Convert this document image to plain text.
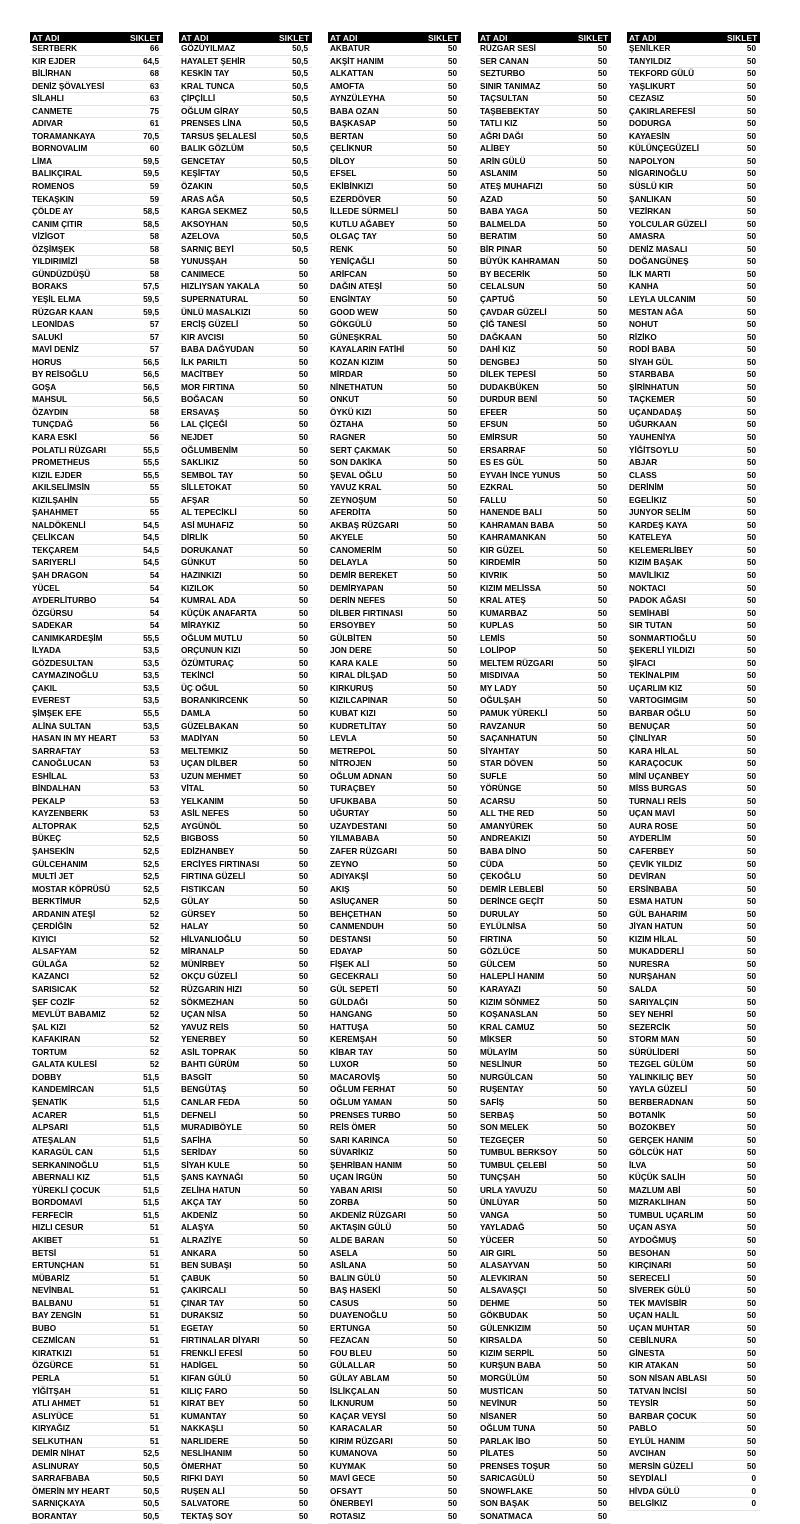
AT ADI	SIKLET
SERTBERK	66
KIR EJDER	64,5
BİLİRHAN	68
DENİZ ŞÖVALYESİ	63
SİLAHLI	63
CANMETE	75
ADIVAR	61
TORAMANKAYA	70,5
BORNOVALIM	60
LİMA	59,5
BALIKÇIRAL	59,5
ROMENOS	59
TEKAŞKIN	59
ÇÖLDE AY	58,5
CANIM ÇITIR	58,5
VİZİGOT	58
ÖZŞİMŞEK	58
YILDIRIMİZİ	58
GÜNDÜZDÜŞÜ	58
BORAKS	57,5
YEŞİL ELMA	59,5
RÜZGAR KAAN	59,5
LEONİDAS	57
SALUKİ	57
MAVİ DENİZ	57
HORUS	56,5
BY REİSOĞLU	56,5
GOŞA	56,5
MAHSUL	56,5
ÖZAYDIN	58
TUNÇDAĞ	56
KARA ESKİ	56
POLATLI RÜZGARI	55,5
PROMETHEUS	55,5
KIZIL EJDER	55,5
AKILSELİMSİN	55
KIZILŞAHİN	55
ŞAHAHMET	55
NALDÖKENLİ	54,5
ÇELİKCAN	54,5
TEKÇAREM	54,5
SARIYERLİ	54,5
ŞAH DRAGON	54
YÜCEL	54
AYDERLİTURBO	54
ÖZGÜRSU	54
SADEKAR	54
CANIMKARDEŞİM	55,5
İLYADA	53,5
GÖZDESULTAN	53,5
CAYMAZINOĞLU	53,5
ÇAKIL	53,5
EVEREST	53,5
ŞİMŞEK EFE	55,5
ALİNA SULTAN	53,5
HASAN IN MY HEART	53
SARRAFTAY	53
CANOĞLUCAN	53
ESHİLAL	53
BİNDALHAN	53
PEKALP	53
KAYZENBERK	53
ALTOPRAK	52,5
BÜKEÇ	52,5
ŞAHSEKİN	52,5
GÜLCEHANIM	52,5
MULTİ JET	52,5
MOSTAR KÖPRÜSÜ	52,5
BERKTİMUR	52,5
ARDANIN ATEŞİ	52
ÇERDİĞİN	52
KIYICI	52
ALSAFYAM	52
GÜLAĞA	52
KAZANCI	52
SARISICAK	52
ŞEF COZİF	52
MEVLÜT BABAMIZ	52
ŞAL KIZI	52
KAFAKIRAN	52
TORTUM	52
GALATA KULESİ	52
DOBBY	51,5
KANDEMİRCAN	51,5
ŞENATİK	51,5
ACARER	51,5
ALPSARI	51,5
ATEŞALAN	51,5
KARAGÜL CAN	51,5
SERKANINOĞLU	51,5
ABERNALI KIZ	51,5
YÜREKLİ ÇOCUK	51,5
BORDOMAVİ	51,5
FERFECİR	51,5
HIZLI CESUR	51
AKIBET	51
BETSİ	51
ERTUNÇHAN	51
MÜBARİZ	51
NEVİNBAL	51
BALBANU	51
BAY ZENGİN	51
BUBO	51
CEZMİCAN	51
KIRATKIZI	51
ÖZGÜRCE	51
PERLA	51
YİĞİTŞAH	51
ATLI AHMET	51
ASLIYÜCE	51
KIRYAĞIZ	51
SELKUTHAN	51
DEMİR NİHAT	52,5
ASLINURAY	50,5
SARRAFBABA	50,5
ÖMERİN MY HEART	50,5
SARNIÇKAYA	50,5
BORANTAY	50,5
AT ADI	SIKLET
GÖZÜYILMAZ	50,5
HAYALET ŞEHİR	50,5
KESKİN TAY	50,5
KRAL TUNCA	50,5
ÇİPÇİLLİ	50,5
OĞLUM GİRAY	50,5
PRENSES LİNA	50,5
TARSUS ŞELALESİ	50,5
BALIK GÖZLÜM	50,5
GENCETAY	50,5
KEŞİFTAY	50,5
ÖZAKIN	50,5
ARAS AĞA	50,5
KARGA SEKMEZ	50,5
AKSOYHAN	50,5
AZELOVA	50,5
SARNIÇ BEYİ	50,5
YUNUSŞAH	50
CANIMECE	50
HIZLIYSAN YAKALA	50
SUPERNATURAL	50
ÜNLÜ MASALKIZI	50
ERCİŞ GÜZELİ	50
KIR AVCISI	50
BABA DAĞYUDAN	50
İLK PARILTI	50
MACİTBEY	50
MOR FIRTINA	50
BOĞACAN	50
ERSAVAŞ	50
LAL ÇİÇEĞİ	50
NEJDET	50
OĞLUMBENİM	50
SAKLIKIZ	50
SEMBOL TAY	50
SİLLETOKAT	50
AFŞAR	50
AL TEPECİKLİ	50
ASİ MUHAFIZ	50
DİRLİK	50
DORUKANAT	50
GÜNKUT	50
HAZINKIZI	50
KIZILOK	50
KUMRAL ADA	50
KÜÇÜK ANAFARTA	50
MİRAYKIZ	50
OĞLUM MUTLU	50
ORÇUNUN KIZI	50
ÖZÜMTURAÇ	50
TEKİNCİ	50
ÜÇ OĞUL	50
BORANKIRCENK	50
DAMLA	50
GÜZELBAKAN	50
MADİYAN	50
MELTEMKIZ	50
UÇAN DİLBER	50
UZUN MEHMET	50
VİTAL	50
YELKANIM	50
ASİL NEFES	50
AYGÜNÖL	50
BIGBOSS	50
EDİZHANBEY	50
ERCİYES FIRTINASI	50
FIRTINA GÜZELİ	50
FISTIKCAN	50
GÜLAY	50
GÜRSEY	50
HALAY	50
HİLVANLIOĞLU	50
MİRANALP	50
MÜNİRBEY	50
OKÇU GÜZELİ	50
RÜZGARIN HIZI	50
SÖKMEZHAN	50
UÇAN NİSA	50
YAVUZ REİS	50
YENERBEY	50
ASİL TOPRAK	50
BAHTI GÜRÜM	50
BASGİT	50
BENGÜTAŞ	50
CANLAR FEDA	50
DEFNELİ	50
MURADIBÖYLE	50
SAFİHA	50
SERİDAY	50
SİYAH KULE	50
ŞANS KAYNAĞI	50
ZELİHA HATUN	50
AKÇA TAY	50
AKDENİZ	50
ALAŞYA	50
ALRAZİYE	50
ANKARA	50
BEN SUBAŞI	50
ÇABUK	50
ÇAKIRCALI	50
ÇINAR TAY	50
DURAKSIZ	50
EGETAY	50
FIRTINALAR DİYARI	50
FRENKLİ EFESİ	50
HADİGEL	50
KIFAN GÜLÜ	50
KILIÇ FARO	50
KIRAT BEY	50
KUMANTAY	50
NAKKAŞLI	50
NARLIDERE	50
NESLİHANIM	50
ÖMERHAT	50
RIFKI DAYI	50
RUŞEN ALİ	50
SALVATORE	50
TEKTAŞ SOY	50
AT ADI	SIKLET
AKBATUR	50
AKŞİT HANIM	50
ALKATTAN	50
AMOFTA	50
AYNZÜLEYHA	50
BABA OZAN	50
BAŞKASAP	50
BERTAN	50
ÇELİKNUR	50
DİLOY	50
EFSEL	50
EKİBİNKIZI	50
EZERDÖVER	50
İLLEDE SÜRMELİ	50
KUTLU AĞABEY	50
OLGAÇ TAY	50
RENK	50
YENİÇAĞLI	50
ARİFCAN	50
DAĞIN ATEŞİ	50
ENGİNTAY	50
GOOD WEW	50
GÖKGÜLÜ	50
GÜNEŞKRAL	50
KAYALARIN FATİHİ	50
KOZAN KIZIM	50
MİRDAR	50
NİNETHATUN	50
ONKUT	50
ÖYKÜ KIZI	50
ÖZTAHA	50
RAGNER	50
SERT ÇAKMAK	50
SON DAKİKA	50
ŞEVAL OĞLU	50
YAVUZ KRAL	50
ZEYNOŞUM	50
AFERDİTA	50
AKBAŞ RÜZGARI	50
AKYELE	50
CANOMERİM	50
DELAYLA	50
DEMİR BEREKET	50
DEMİRYAPAN	50
DERİN NEFES	50
DİLBER FIRTINASI	50
ERSOYBEY	50
GÜLBİTEN	50
JON DERE	50
KARA KALE	50
KIRAL DİLŞAD	50
KIRKURUŞ	50
KIZILCAPINAR	50
KUBAT KIZI	50
KUDRETLİTAY	50
LEVLA	50
METREPOL	50
NİTROJEN	50
OĞLUM ADNAN	50
TURAÇBEY	50
UFUKBABA	50
UĞURTAY	50
UZAYDESTANI	50
YILMABABA	50
ZAFER RÜZGARI	50
ZEYNO	50
ADIYAKŞİ	50
AKIŞ	50
ASİUÇANER	50
BEHÇETHAN	50
CANMENDUH	50
DESTANSI	50
EDAYAP	50
FİŞEK ALİ	50
GECEKRALI	50
GÜL SEPETİ	50
GÜLDAĞI	50
HANGANG	50
HATTUŞA	50
KEREMŞAH	50
KİBAR TAY	50
LUXOR	50
MACAROVİŞ	50
OĞLUM FERHAT	50
OĞLUM YAMAN	50
PRENSES TURBO	50
REİS ÖMER	50
SARI KARINCA	50
SÜVARİKIZ	50
ŞEHRİBAN HANIM	50
UÇAN İRGÜN	50
YABAN ARISI	50
ZORBA	50
AKDENİZ RÜZGARI	50
AKTAŞIN GÜLÜ	50
ALDE BARAN	50
ASELA	50
ASİLANA	50
BALIN GÜLÜ	50
BAŞ HASEKİ	50
CASUS	50
DUAYENOĞLU	50
ERTUNGA	50
FEZACAN	50
FOU BLEU	50
GÜLALLAR	50
GÜLAY ABLAM	50
İSLİKÇALAN	50
İLKNURUM	50
KAÇAR VEYSİ	50
KARACALAR	50
KIRIM RÜZGARI	50
KUMANOVA	50
KUYMAK	50
MAVİ GECE	50
OFSAYT	50
ÖNERBEYİ	50
ROTASIZ	50
AT ADI	SIKLET
RÜZGAR SESİ	50
SER CANAN	50
SEZTURBO	50
SINIR TANIMAZ	50
TAÇSULTAN	50
TAŞBEBEKTAY	50
TATLI KIZ	50
AĞRI DAĞI	50
ALİBEY	50
ARİN GÜLÜ	50
ASLANIM	50
ATEŞ MUHAFIZI	50
AZAD	50
BABA YAGA	50
BALMELDA	50
BERATIM	50
BİR PINAR	50
BÜYÜK KAHRAMAN	50
BY BECERİK	50
CELALSUN	50
ÇAPTUĞ	50
ÇAVDAR GÜZELİ	50
ÇİĞ TANESİ	50
DAĞKAAN	50
DAHİ KIZ	50
DENGBEJ	50
DİLEK TEPESİ	50
DUDAKBÜKEN	50
DURDUR BENİ	50
EFEER	50
EFSUN	50
EMİRSUR	50
ERSARRAF	50
ES ES GÜL	50
EYVAH İNCE YUNUS	50
EZKRAL	50
FALLU	50
HANENDE BALI	50
KAHRAMAN BABA	50
KAHRAMANKAN	50
KIR GÜZEL	50
KIRDEMİR	50
KIVRIK	50
KIZIM MELİSSA	50
KRAL ATEŞ	50
KUMARBAZ	50
KUPLAS	50
LEMİS	50
LOLİPOP	50
MELTEM RÜZGARI	50
MISDIVAA	50
MY LADY	50
OĞULŞAH	50
PAMUK YÜREKLİ	50
RAVZANUR	50
SAÇANHATUN	50
SİYAHTAY	50
STAR DÖVEN	50
SUFLE	50
YÖRÜNGE	50
ACARSU	50
ALL THE RED	50
AMANYÜREK	50
ANDREAKIZI	50
BABA DİNO	50
CÜDA	50
ÇEKOĞLU	50
DEMİR LEBLEBİ	50
DERİNCE GEÇİT	50
DURULAY	50
EYLÜLNİSA	50
FIRTINA	50
GÖZLÜCE	50
GÜLCEM	50
HALEPLİ HANIM	50
KARAYAZI	50
KIZIM SÖNMEZ	50
KOŞANASLAN	50
KRAL CAMUZ	50
MİKSER	50
MÜLAYİM	50
NESLİNUR	50
NURGÜLCAN	50
RUŞENTAY	50
SAFİŞ	50
SERBAŞ	50
SON MELEK	50
TEZGEÇER	50
TUMBUL BERKSOY	50
TUMBUL ÇELEBİ	50
TUNÇŞAH	50
URLA YAVUZU	50
ÜNLÜYAR	50
VANGA	50
YAYLADAĞ	50
YÜCEER	50
AIR GIRL	50
ALASAYVAN	50
ALEVKIRAN	50
ALSAVAŞÇI	50
DEHME	50
GÖKBUDAK	50
GÜLENKIZIM	50
KIRSALDA	50
KIZIM SERPİL	50
KURŞUN BABA	50
MORGÜLÜM	50
MUSTİCAN	50
NEVİNUR	50
NİSANER	50
OĞLUM TUNA	50
PARLAK İBO	50
PİLATES	50
PRENSES TOŞUR	50
SARICAGÜLÜ	50
SNOWFLAKE	50
SON BAŞAK	50
SONATMACA	50
AT ADI	SIKLET
ŞENİLKER	50
TANYILDIZ	50
TEKFORD GÜLÜ	50
YAŞLIKURT	50
CEZASIZ	50
ÇAKIRLAREFESİ	50
DODURGA	50
KAYAESİN	50
KÜLÜNÇEGÜZELİ	50
NAPOLYON	50
NİGARINOĞLU	50
SÜSLÜ KIR	50
ŞANLIKAN	50
VEZİRKAN	50
YOLCULAR GÜZELİ	50
AMASRA	50
DENİZ MASALI	50
DOĞANGÜNEŞ	50
İLK MARTI	50
KANHA	50
LEYLA ULCANIM	50
MESTAN AĞA	50
NOHUT	50
RİZİKO	50
RODİ BABA	50
SİYAH GÜL	50
STARBABA	50
ŞİRİNHATUN	50
TAÇKEMER	50
UÇANDADAŞ	50
UĞURKAAN	50
YAUHENİYA	50
YİĞİTSOYLU	50
ABJAR	50
CLASS	50
DERİNİM	50
EGELİKIZ	50
JUNYOR SELİM	50
KARDEŞ KAYA	50
KATELEYA	50
KELEMERLİBEY	50
KIZIM BAŞAK	50
MAVİLİKIZ	50
NOKTACI	50
PADOK AĞASI	50
SEMİHABİ	50
SIR TUTAN	50
SONMARTIOĞLU	50
ŞEKERLİ YILDIZI	50
ŞİFACI	50
TEKİNALPIM	50
UÇARLIM KIZ	50
VARTOGIMGIM	50
BARBAR OĞLU	50
BENUÇAR	50
ÇİNLİYAR	50
KARA HİLAL	50
KARAÇOCUK	50
MİNİ UÇANBEY	50
MİSS BURGAS	50
TURNALI REİS	50
UÇAN MAVİ	50
AURA ROSE	50
AYDERLİM	50
CAFERBEY	50
ÇEVİK YILDIZ	50
DEVİRAN	50
ERSİNBABA	50
ESMA HATUN	50
GÜL BAHARIM	50
JİYAN HATUN	50
KIZIM HİLAL	50
MUKADDERLİ	50
NURESRA	50
NURŞAHAN	50
SALDA	50
SARIYALÇIN	50
SEY NEHRİ	50
SEZERCİK	50
STORM MAN	50
SÜRÜLİDERİ	50
TEZGEL GÜLÜM	50
YALINKILIÇ BEY	50
YAYLA GÜZELİ	50
BERBERADNAN	50
BOTANİK	50
BOZOKBEY	50
GERÇEK HANIM	50
GÖLCÜK HAT	50
İLVA	50
KÜÇÜK SALİH	50
MAZLUM ABİ	50
MIZRAKLIHAN	50
TUMBUL UÇARLIM	50
UÇAN ASYA	50
AYDOĞMUŞ	50
BESOHAN	50
KIRÇINARI	50
SERECELİ	50
SİVEREK GÜLÜ	50
TEK MAVİSBİR	50
UÇAN HALİL	50
UÇAN MUHTAR	50
CEBİLNURA	50
GİNESTA	50
KIR ATAKAN	50
SON NİSAN ABLASI	50
TATVAN İNCİSİ	50
TEYSİR	50
BARBAR ÇOCUK	50
PABLO	50
EYLÜL HANIM	50
AVCIHAN	50
MERSİN GÜZELİ	50
SEYDİALİ	0
HİVDA GÜLÜ	0
BELGİKIZ	0
